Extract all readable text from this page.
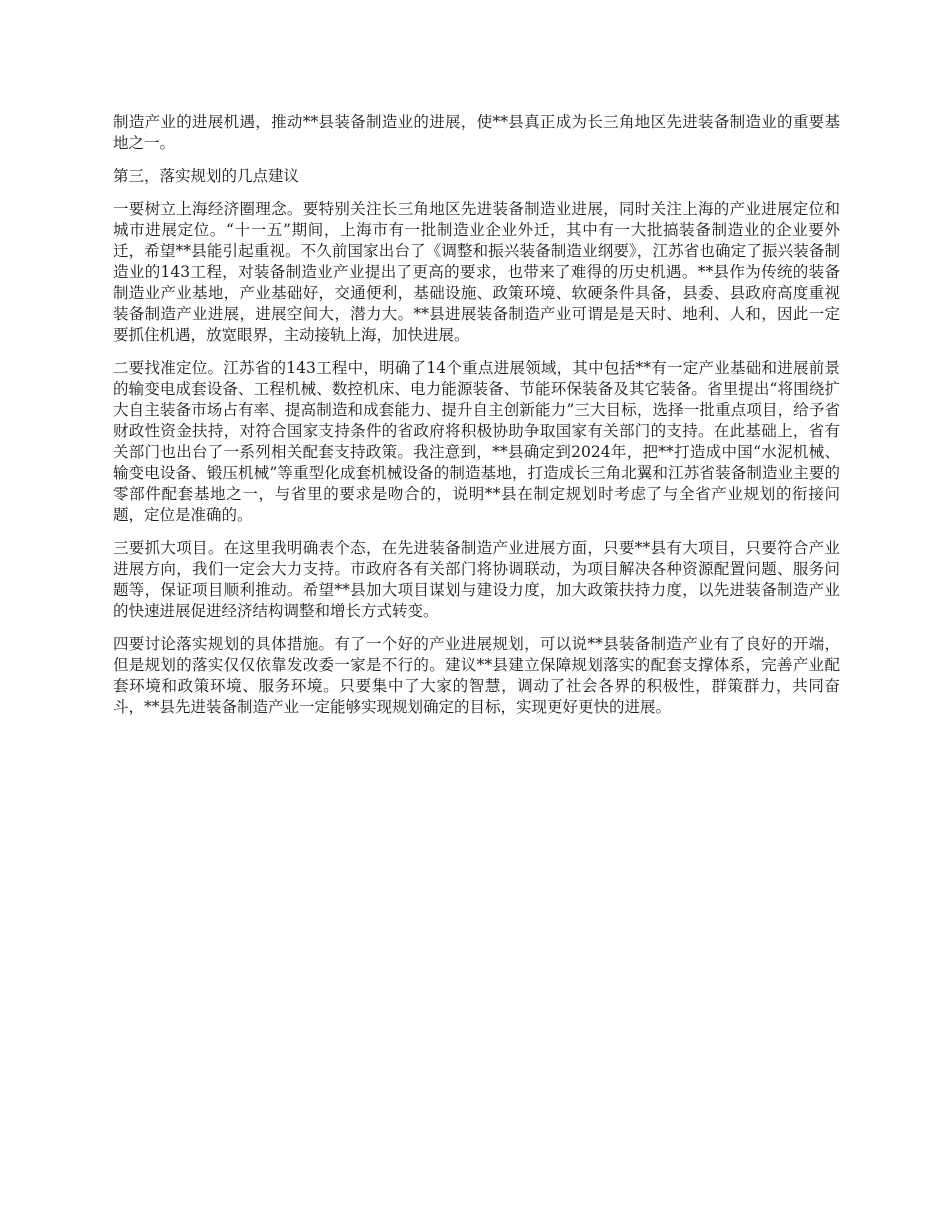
制造产业的进展机遇，推动**县装备制造业的进展，使**县真正成为长三角地区先进装备制造业的重要基地之一。

第三，落实规划的几点建议

一要树立上海经济圈理念。要特别关注长三角地区先进装备制造业进展，同时关注上海的产业进展定位和城市进展定位。“十一五”期间，上海市有一批制造业企业外迁，其中有一大批搞装备制造业的企业要外迁，希望**县能引起重视。不久前国家出台了《调整和振兴装备制造业纲要》，江苏省也确定了振兴装备制造业的143工程，对装备制造业产业提出了更高的要求，也带来了难得的历史机遇。**县作为传统的装备制造业产业基地，产业基础好，交通便利，基础设施、政策环境、软硬条件具备，县委、县政府高度重视装备制造产业进展，进展空间大，潜力大。**县进展装备制造产业可谓是是天时、地利、人和，因此一定要抓住机遇，放宽眼界，主动接轨上海，加快进展。

二要找准定位。江苏省的143工程中，明确了14个重点进展领域，其中包括**有一定产业基础和进展前景的输变电成套设备、工程机械、数控机床、电力能源装备、节能环保装备及其它装备。省里提出“将围绕扩大自主装备市场占有率、提高制造和成套能力、提升自主创新能力”三大目标，选择一批重点项目，给予省财政性资金扶持，对符合国家支持条件的省政府将积极协助争取国家有关部门的支持。在此基础上，省有关部门也出台了一系列相关配套支持政策。我注意到，**县确定到2024年，把**打造成中国“水泥机械、输变电设备、锻压机械”等重型化成套机械设备的制造基地，打造成长三角北翼和江苏省装备制造业主要的零部件配套基地之一，与省里的要求是吻合的，说明**县在制定规划时考虑了与全省产业规划的衔接问题，定位是准确的。

三要抓大项目。在这里我明确表个态，在先进装备制造产业进展方面，只要**县有大项目，只要符合产业进展方向，我们一定会大力支持。市政府各有关部门将协调联动，为项目解决各种资源配置问题、服务问题等，保证项目顺利推动。希望**县加大项目谋划与建设力度，加大政策扶持力度，以先进装备制造产业的快速进展促进经济结构调整和增长方式转变。

四要讨论落实规划的具体措施。有了一个好的产业进展规划，可以说**县装备制造产业有了良好的开端，但是规划的落实仅仅依靠发改委一家是不行的。建议**县建立保障规划落实的配套支撑体系，完善产业配套环境和政策环境、服务环境。只要集中了大家的智慧，调动了社会各界的积极性，群策群力，共同奋斗，**县先进装备制造产业一定能够实现规划确定的目标，实现更好更快的进展。
